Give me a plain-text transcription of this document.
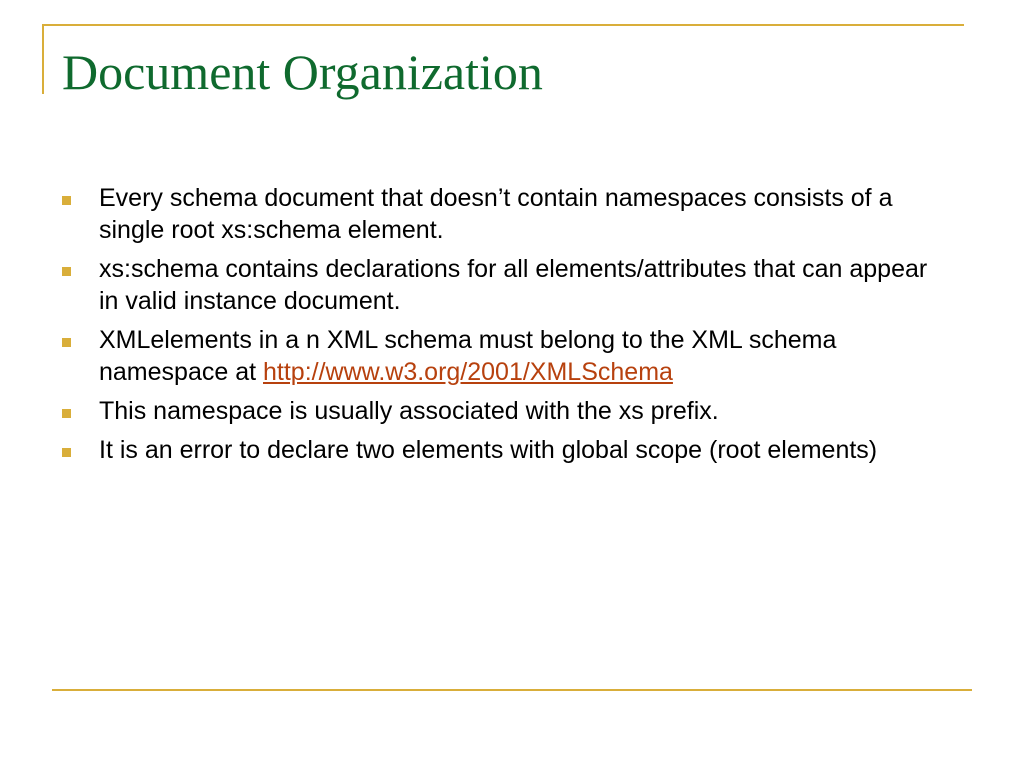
Document Organization
Every schema document that doesn’t contain namespaces consists of a single root xs:schema element.
xs:schema contains declarations for all elements/attributes that can appear in valid instance document.
XMLelements in a n XML schema must belong to the XML schema namespace at http://www.w3.org/2001/XMLSchema
This namespace is usually associated with the xs prefix.
It is an error to declare two elements with global scope (root elements)
